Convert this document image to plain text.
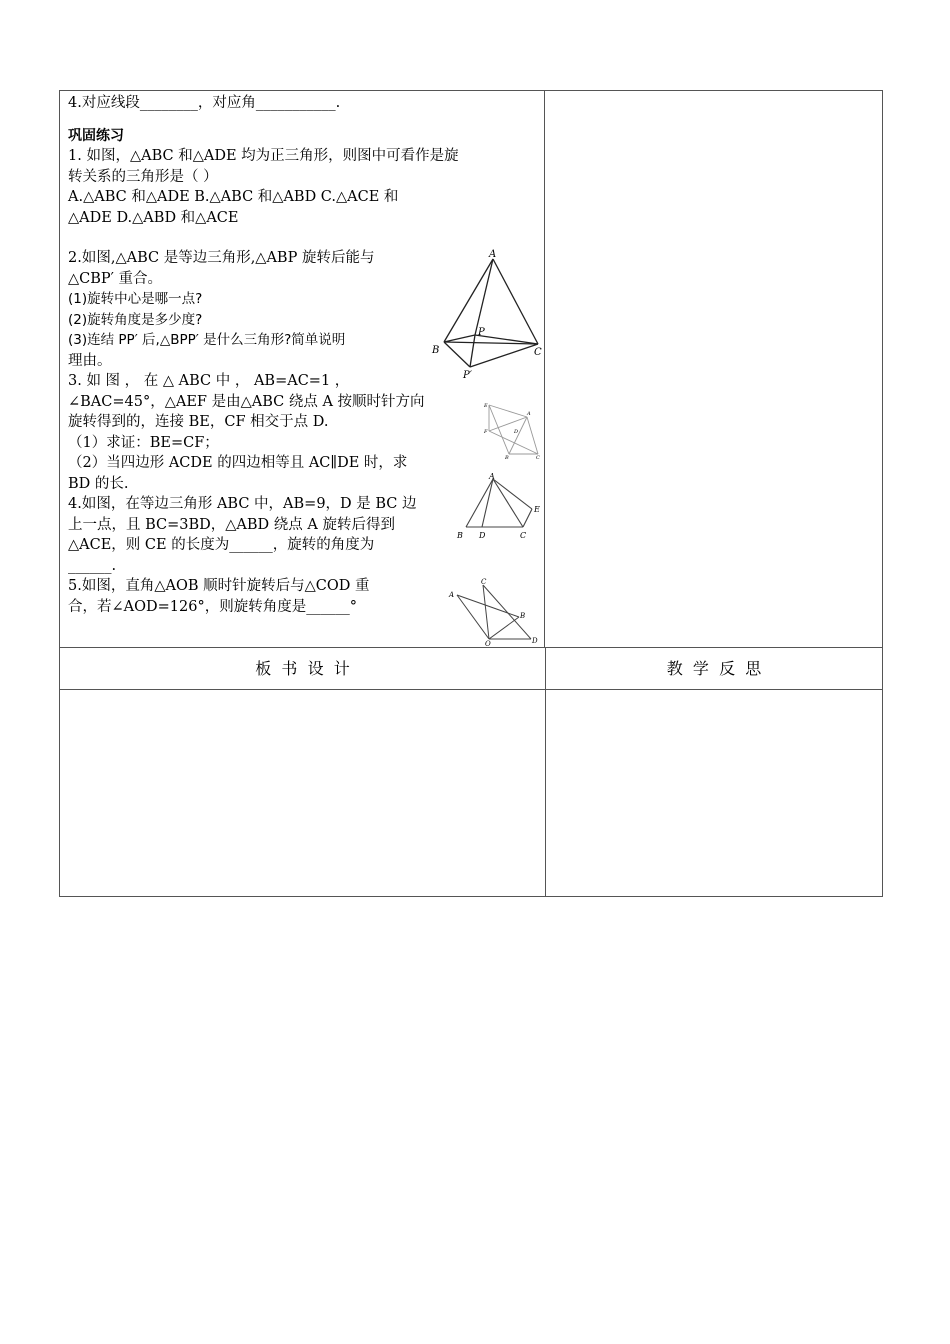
4.对应线段________，对应角___________.

巩固练习

1. 如图，△ABC 和△ADE 均为正三角形，则图中可看作是旋

转关系的三角形是（ ）

A.△ABC 和△ADE B.△ABC 和△ABD C.△ACE 和

△ADE D.△ABD 和△ACE

2.如图,△ABC 是等边三角形,△ABP 旋转后能与

△CBP′ 重合。

(1)旋转中心是哪一点?

(2)旋转角度是多少度?

(3)连结 PP′ 后,△BPP′ 是什么三角形?简单说明

理由。

3. 如 图 ， 在 △ ABC 中 ， AB=AC=1 ，

∠BAC=45°，△AEF 是由△ABC 绕点 A 按顺时针方向

旋转得到的，连接 BE，CF 相交于点 D.

（1）求证：BE=CF；

（2）当四边形 ACDE 的四边相等且 AC∥DE 时，求

BD 的长.

4.如图，在等边三角形 ABC 中，AB=9，D 是 BC 边

上一点，且 BC=3BD，△ABD 绕点 A 旋转后得到

△ACE，则 CE 的长度为______，旋转的角度为

______.

5.如图，直角△AOB 顺时针旋转后与△COD 重

合，若∠AOD=126°，则旋转角度是______°

A
B	C
P
P′
E
A
F	D
B	C
A
B D	C
E
C
A
B
O	D
板  书  设  计	教  学  反  思
